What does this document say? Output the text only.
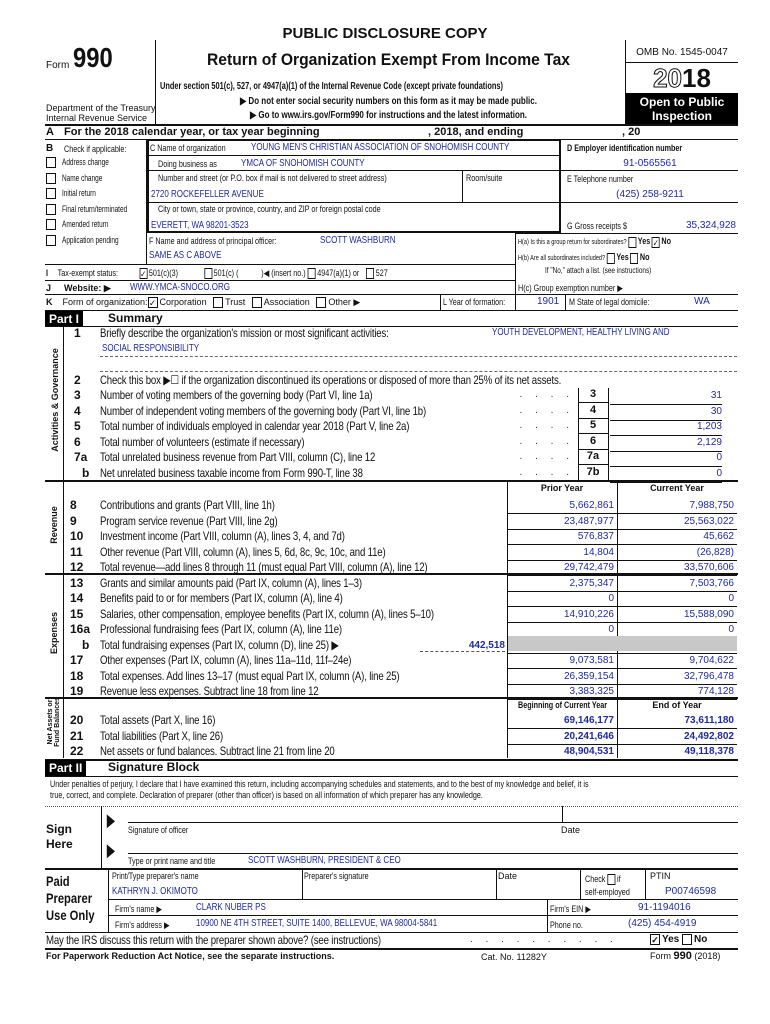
PUBLIC DISCLOSURE COPY
Form 990
Department of the Treasury
Internal Revenue Service
Return of Organization Exempt From Income Tax
Under section 501(c), 527, or 4947(a)(1) of the Internal Revenue Code (except private foundations)
▶ Do not enter social security numbers on this form as it may be made public.
▶ Go to www.irs.gov/Form990 for instructions and the latest information.
OMB No. 1545-0047
2018
Open to Public
Inspection
A For the 2018 calendar year, or tax year beginning	, 2018, and ending	, 20
B Check if applicable:
Address change
Name change
Initial return
Final return/terminated
Amended return
Application pending
C Name of organization	YOUNG MEN'S CHRISTIAN ASSOCIATION OF SNOHOMISH COUNTY
Doing business as YMCA OF SNOHOMISH COUNTY
Number and street (or P.O. box if mail is not delivered to street address)	Room/suite
2720 ROCKEFELLER AVENUE
City or town, state or province, country, and ZIP or foreign postal code
EVERETT, WA 98201-3523
D Employer identification number
91-0565561
E Telephone number
(425) 258-9211
G Gross receipts $	35,324,928
F Name and address of principal officer:	SCOTT WASHBURN
SAME AS C ABOVE
H(a) Is this a group return for subordinates? Yes ✓ No
H(b) Are all subordinates included? Yes No
If "No," attach a list. (see instructions)
H(c) Group exemption number ▶
I Tax-exempt status: ✓ 501(c)(3)	501(c) (	)◀ (insert no.) 4947(a)(1) or 527
J Website: ▶ WWW.YMCA-SNOCO.ORG
K Form of organization:✓ Corporation Trust Association Other ▶	L Year of formation:	1901 M State of legal domicile:	WA
Part I	Summary
Activities & Governance
Revenue
Expenses
Net Assets or Fund Balances
1 Briefly describe the organization's mission or most significant activities:	YOUTH DEVELOPMENT, HEALTHY LIVING AND
SOCIAL RESPONSIBILITY
2 Check this box ▶☐ if the organization discontinued its operations or disposed of more than 25% of its net assets.
3 Number of voting members of the governing body (Part VI, line 1a)	. . . .	3	31
4 Number of independent voting members of the governing body (Part VI, line 1b)	. . . .	4	30
5 Total number of individuals employed in calendar year 2018 (Part V, line 2a)	. . . .	5	1,203
6 Total number of volunteers (estimate if necessary)	. . . .	6	2,129
7a Total unrelated business revenue from Part VIII, column (C), line 12	. . . .	7a	0
b Net unrelated business taxable income from Form 990-T, line 38	. . . .	7b	0
Prior Year	Current Year
8 Contributions and grants (Part VIII, line 1h)	5,662,861	7,988,750
9 Program service revenue (Part VIII, line 2g)	23,487,977	25,563,022
10 Investment income (Part VIII, column (A), lines 3, 4, and 7d)	576,837	45,662
11 Other revenue (Part VIII, column (A), lines 5, 6d, 8c, 9c, 10c, and 11e)	14,804	(26,828)
12 Total revenue—add lines 8 through 11 (must equal Part VIII, column (A), line 12)	29,742,479	33,570,606
13 Grants and similar amounts paid (Part IX, column (A), lines 1–3)	2,375,347	7,503,766
14 Benefits paid to or for members (Part IX, column (A), line 4)	0	0
15 Salaries, other compensation, employee benefits (Part IX, column (A), lines 5–10)	14,910,226	15,588,090
16a Professional fundraising fees (Part IX, column (A), line 11e)	0	0
b Total fundraising expenses (Part IX, column (D), line 25) ▶	442,518
17 Other expenses (Part IX, column (A), lines 11a–11d, 11f–24e)	9,073,581	9,704,622
18 Total expenses. Add lines 13–17 (must equal Part IX, column (A), line 25)	26,359,154	32,796,478
19 Revenue less expenses. Subtract line 18 from line 12	3,383,325	774,128
20 Total assets (Part X, line 16)	69,146,177	73,611,180
21 Total liabilities (Part X, line 26)	20,241,646	24,492,802
22 Net assets or fund balances. Subtract line 21 from line 20	48,904,531	49,118,378
Beginning of Current Year	End of Year
Part II	Signature Block
Under penalties of perjury, I declare that I have examined this return, including accompanying schedules and statements, and to the best of my knowledge and belief, it is
true, correct, and complete. Declaration of preparer (other than officer) is based on all information of which preparer has any knowledge.
Sign
Here
▶
▶
Signature of officer	Date
Type or print name and title	SCOTT WASHBURN, PRESIDENT & CEO
Paid
Preparer
Use Only
Print/Type preparer's name
KATHRYN J. OKIMOTO
Preparer's signature	Date	Check if
self-employed
PTIN
P00746598
Firm's name ▶	CLARK NUBER PS	Firm's EIN ▶	91-1194016
Firm's address ▶	10900 NE 4TH STREET, SUITE 1400, BELLEVUE, WA 98004-5841	Phone no.	(425) 454-4919
May the IRS discuss this return with the preparer shown above? (see instructions)	. . . . . . . . . .	✓ Yes No
For Paperwork Reduction Act Notice, see the separate instructions.	Cat. No. 11282Y	Form 990 (2018)
